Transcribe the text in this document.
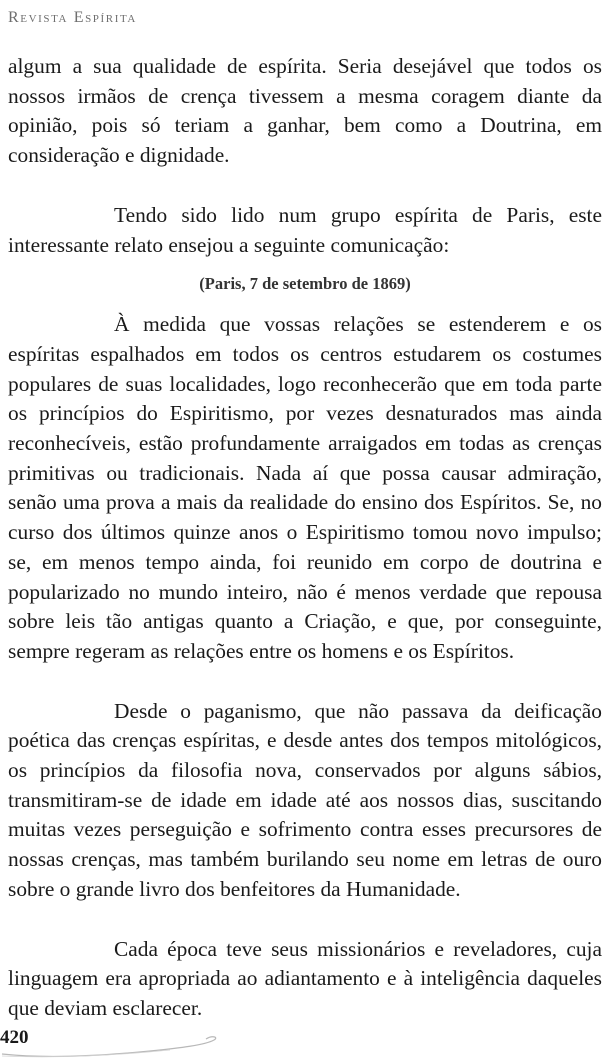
Revista Espírita

algum a sua qualidade de espírita. Seria desejável que todos os nossos irmãos de crença tivessem a mesma coragem diante da opinião, pois só teriam a ganhar, bem como a Doutrina, em consideração e dignidade.

Tendo sido lido num grupo espírita de Paris, este interessante relato ensejou a seguinte comunicação:

(Paris, 7 de setembro de 1869)

À medida que vossas relações se estenderem e os espíritas espalhados em todos os centros estudarem os costumes populares de suas localidades, logo reconhecerão que em toda parte os princípios do Espiritismo, por vezes desnaturados mas ainda reconhecíveis, estão profundamente arraigados em todas as crenças primitivas ou tradicionais. Nada aí que possa causar admiração, senão uma prova a mais da realidade do ensino dos Espíritos. Se, no curso dos últimos quinze anos o Espiritismo tomou novo impulso; se, em menos tempo ainda, foi reunido em corpo de doutrina e popularizado no mundo inteiro, não é menos verdade que repousa sobre leis tão antigas quanto a Criação, e que, por conseguinte, sempre regeram as relações entre os homens e os Espíritos.

Desde o paganismo, que não passava da deificação poética das crenças espíritas, e desde antes dos tempos mitológicos, os princípios da filosofia nova, conservados por alguns sábios, transmitiram-se de idade em idade até aos nossos dias, suscitando muitas vezes perseguição e sofrimento contra esses precursores de nossas crenças, mas também burilando seu nome em letras de ouro sobre o grande livro dos benfeitores da Humanidade.

Cada época teve seus missionários e reveladores, cuja linguagem era apropriada ao adiantamento e à inteligência daqueles que deviam esclarecer.

420
